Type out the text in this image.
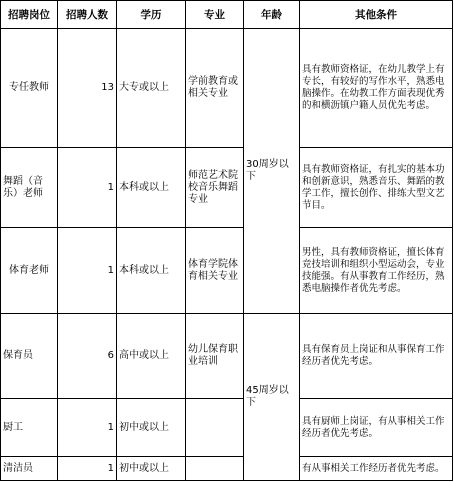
招聘岗位	招聘人数	学历	专业	年龄	其他条件
专任教师	13	大专或以上	学前教育或相关专业	30周岁以下	具有教师资格证，在幼儿教学上有专长，有较好的写作水平，熟悉电脑操作。在幼教工作方面表现优秀的和横沥镇户籍人员优先考虑。
舞蹈（音乐）老师	1	本科或以上	师范艺术院校音乐舞蹈专业		具有教师资格证，有扎实的基本功和创新意识，熟悉音乐、舞蹈的教学工作，擅长创作、排练大型文艺节目。
体育老师	1	本科或以上	体育学院体育相关专业		男性，具有教师资格证，擅长体育竞技培训和组织小型运动会，专业技能强。有从事教育工作经历，熟悉电脑操作者优先考虑。
保育员	6	高中或以上	幼儿保育职业培训	45周岁以下	具有保育员上岗证和从事保育工作经历者优先考虑。
厨工	1	初中或以上			具有厨师上岗证，有从事相关工作经历者优先考虑。
清洁员	1	初中或以上			有从事相关工作经历者优先考虑。
